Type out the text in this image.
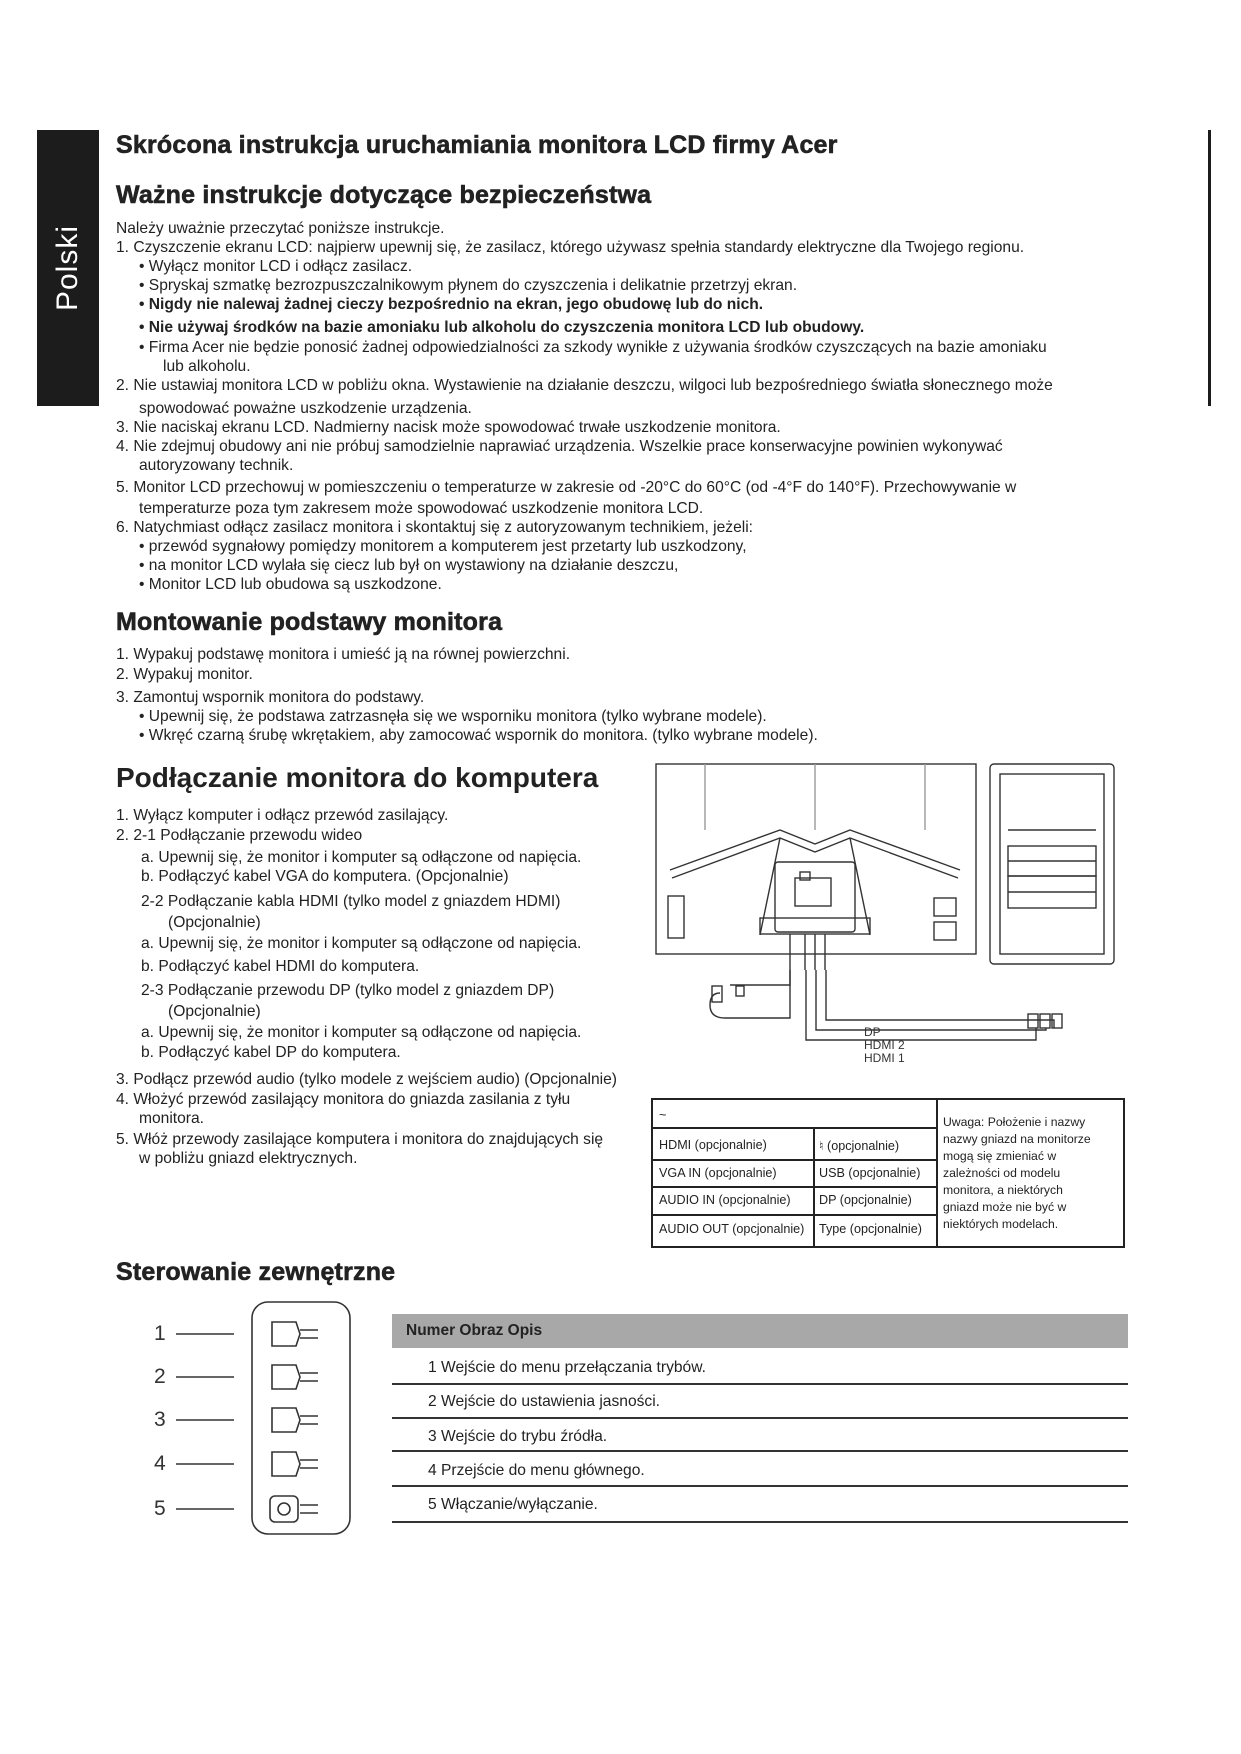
Polski
Skrócona instrukcja uruchamiania monitora LCD firmy Acer
Ważne instrukcje dotyczące bezpieczeństwa
Należy uważnie przeczytać poniższe instrukcje.
1. Czyszczenie ekranu LCD: najpierw upewnij się, że zasilacz, którego używasz spełnia standardy elektryczne dla Twojego regionu.
• Wyłącz monitor LCD i odłącz zasilacz.
• Spryskaj szmatkę bezrozpuszczalnikowym płynem do czyszczenia i delikatnie przetrzyj ekran.
• Nigdy nie nalewaj żadnej cieczy bezpośrednio na ekran, jego obudowę lub do nich.
• Nie używaj środków na bazie amoniaku lub alkoholu do czyszczenia monitora LCD lub obudowy.
• Firma Acer nie będzie ponosić żadnej odpowiedzialności za szkody wynikłe z używania środków czyszczących na bazie amoniaku
lub alkoholu.
2. Nie ustawiaj monitora LCD w pobliżu okna. Wystawienie na działanie deszczu, wilgoci lub bezpośredniego światła słonecznego może
spowodować poważne uszkodzenie urządzenia.
3. Nie naciskaj ekranu LCD. Nadmierny nacisk może spowodować trwałe uszkodzenie monitora.
4. Nie zdejmuj obudowy ani nie próbuj samodzielnie naprawiać urządzenia. Wszelkie prace konserwacyjne powinien wykonywać
autoryzowany technik.
5. Monitor LCD przechowuj w pomieszczeniu o temperaturze w zakresie od -20°C do 60°C (od -4°F do 140°F). Przechowywanie w
temperaturze poza tym zakresem może spowodować uszkodzenie monitora LCD.
6. Natychmiast odłącz zasilacz monitora i skontaktuj się z autoryzowanym technikiem, jeżeli:
• przewód sygnałowy pomiędzy monitorem a komputerem jest przetarty lub uszkodzony,
• na monitor LCD wylała się ciecz lub był on wystawiony na działanie deszczu,
• Monitor LCD lub obudowa są uszkodzone.
Montowanie podstawy monitora
1. Wypakuj podstawę monitora i umieść ją na równej powierzchni.
2. Wypakuj monitor.
3. Zamontuj wspornik monitora do podstawy.
• Upewnij się, że podstawa zatrzasnęła się we wsporniku monitora (tylko wybrane modele).
• Wkręć czarną śrubę wkrętakiem, aby zamocować wspornik do monitora. (tylko wybrane modele).
Podłączanie monitora do komputera
1. Wyłącz komputer i odłącz przewód zasilający.
2. 2-1 Podłączanie przewodu wideo
a. Upewnij się, że monitor i komputer są odłączone od napięcia.
b. Podłączyć kabel VGA do komputera. (Opcjonalnie)
2-2 Podłączanie kabla HDMI (tylko model z gniazdem HDMI)
(Opcjonalnie)
a. Upewnij się, że monitor i komputer są odłączone od napięcia.
b. Podłączyć kabel HDMI do komputera.
2-3 Podłączanie przewodu DP (tylko model z gniazdem DP)
(Opcjonalnie)
a. Upewnij się, że monitor i komputer są odłączone od napięcia.
b. Podłączyć kabel DP do komputera.
3. Podłącz przewód audio (tylko modele z wejściem audio) (Opcjonalnie)
4. Włożyć przewód zasilający monitora do gniazda zasilania z tyłu
monitora.
5. Włóż przewody zasilające komputera i monitora do znajdujących się
w pobliżu gniazd elektrycznych.
DP
HDMI 2
HDMI 1
~
HDMI (opcjonalnie)	♮ (opcjonalnie)
VGA IN (opcjonalnie)	USB (opcjonalnie)
AUDIO IN (opcjonalnie) DP (opcjonalnie)
AUDIO OUT (opcjonalnie) Type (opcjonalnie)
Uwaga: Położenie i nazwy
nazwy gniazd na monitorze
mogą się zmieniać w
zależności od modelu
monitora, a niektórych
gniazd może nie być w
niektórych modelach.
Sterowanie zewnętrzne
1
2
3
4
5
Numer Obraz Opis
1 Wejście do menu przełączania trybów.
2 Wejście do ustawienia jasności.
3 Wejście do trybu źródła.
4 Przejście do menu głównego.
5 Włączanie/wyłączanie.
